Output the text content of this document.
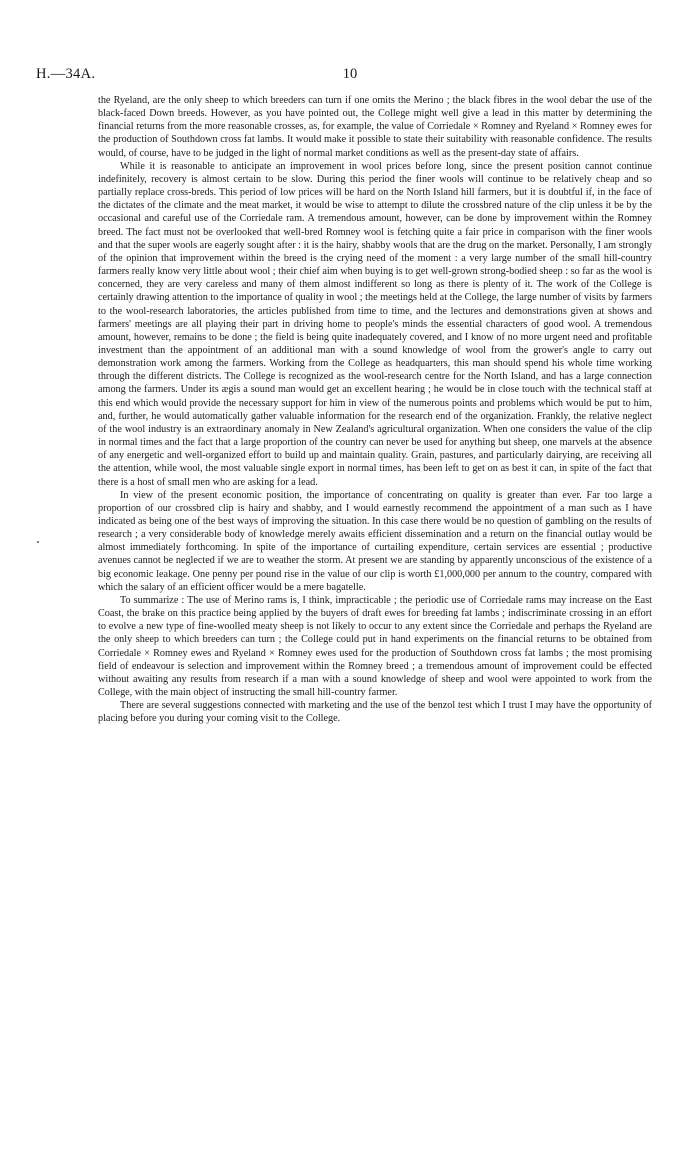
H.—34A.	10

the Ryeland, are the only sheep to which breeders can turn if one omits the Merino ; the black fibres in the wool debar the use of the black-faced Down breeds. However, as you have pointed out, the College might well give a lead in this matter by determining the financial returns from the more reasonable crosses, as, for example, the value of Corriedale × Romney and Ryeland × Romney ewes for the production of Southdown cross fat lambs. It would make it possible to state their suitability with reasonable confidence. The results would, of course, have to be judged in the light of normal market conditions as well as the present-day state of affairs.

While it is reasonable to anticipate an improvement in wool prices before long, since the present position cannot continue indefinitely, recovery is almost certain to be slow. During this period the finer wools will continue to be relatively cheap and so partially replace cross-breds. This period of low prices will be hard on the North Island hill farmers, but it is doubtful if, in the face of the dictates of the climate and the meat market, it would be wise to attempt to dilute the crossbred nature of the clip unless it be by the occasional and careful use of the Corriedale ram. A tremendous amount, however, can be done by improvement within the Romney breed. The fact must not be overlooked that well-bred Romney wool is fetching quite a fair price in comparison with the finer wools and that the super wools are eagerly sought after : it is the hairy, shabby wools that are the drug on the market. Personally, I am strongly of the opinion that improvement within the breed is the crying need of the moment : a very large number of the small hill-country farmers really know very little about wool ; their chief aim when buying is to get well-grown strong-bodied sheep : so far as the wool is concerned, they are very careless and many of them almost indifferent so long as there is plenty of it. The work of the College is certainly drawing attention to the importance of quality in wool ; the meetings held at the College, the large number of visits by farmers to the wool-research laboratories, the articles published from time to time, and the lectures and demonstrations given at shows and farmers' meetings are all playing their part in driving home to people's minds the essential characters of good wool. A tremendous amount, however, remains to be done ; the field is being quite inadequately covered, and I know of no more urgent need and profitable investment than the appointment of an additional man with a sound knowledge of wool from the grower's angle to carry out demonstration work among the farmers. Working from the College as headquarters, this man should spend his whole time working through the different districts. The College is recognized as the wool-research centre for the North Island, and has a large connection among the farmers. Under its ægis a sound man would get an excellent hearing ; he would be in close touch with the technical staff at this end which would provide the necessary support for him in view of the numerous points and problems which would be put to him, and, further, he would automatically gather valuable information for the research end of the organization. Frankly, the relative neglect of the wool industry is an extraordinary anomaly in New Zealand's agricultural organization. When one considers the value of the clip in normal times and the fact that a large proportion of the country can never be used for anything but sheep, one marvels at the absence of any energetic and well-organized effort to build up and maintain quality. Grain, pastures, and particularly dairying, are receiving all the attention, while wool, the most valuable single export in normal times, has been left to get on as best it can, in spite of the fact that there is a host of small men who are asking for a lead.

In view of the present economic position, the importance of concentrating on quality is greater than ever. Far too large a proportion of our crossbred clip is hairy and shabby, and I would earnestly recommend the appointment of a man such as I have indicated as being one of the best ways of improving the situation. In this case there would be no question of gambling on the results of research ; a very considerable body of knowledge merely awaits efficient dissemination and a return on the financial outlay would be almost immediately forthcoming. In spite of the importance of curtailing expenditure, certain services are essential ; productive avenues cannot be neglected if we are to weather the storm. At present we are standing by apparently unconscious of the existence of a big economic leakage. One penny per pound rise in the value of our clip is worth £1,000,000 per annum to the country, compared with which the salary of an efficient officer would be a mere bagatelle.

To summarize : The use of Merino rams is, I think, impracticable ; the periodic use of Corriedale rams may increase on the East Coast, the brake on this practice being applied by the buyers of draft ewes for breeding fat lambs ; indiscriminate crossing in an effort to evolve a new type of fine-woolled meaty sheep is not likely to occur to any extent since the Corriedale and perhaps the Ryeland are the only sheep to which breeders can turn ; the College could put in hand experiments on the financial returns to be obtained from Corriedale × Romney ewes and Ryeland × Romney ewes used for the production of Southdown cross fat lambs ; the most promising field of endeavour is selection and improvement within the Romney breed ; a tremendous amount of improvement could be effected without awaiting any results from research if a man with a sound knowledge of sheep and wool were appointed to work from the College, with the main object of instructing the small hill-country farmer.

There are several suggestions connected with marketing and the use of the benzol test which I trust I may have the opportunity of placing before you during your coming visit to the College.
